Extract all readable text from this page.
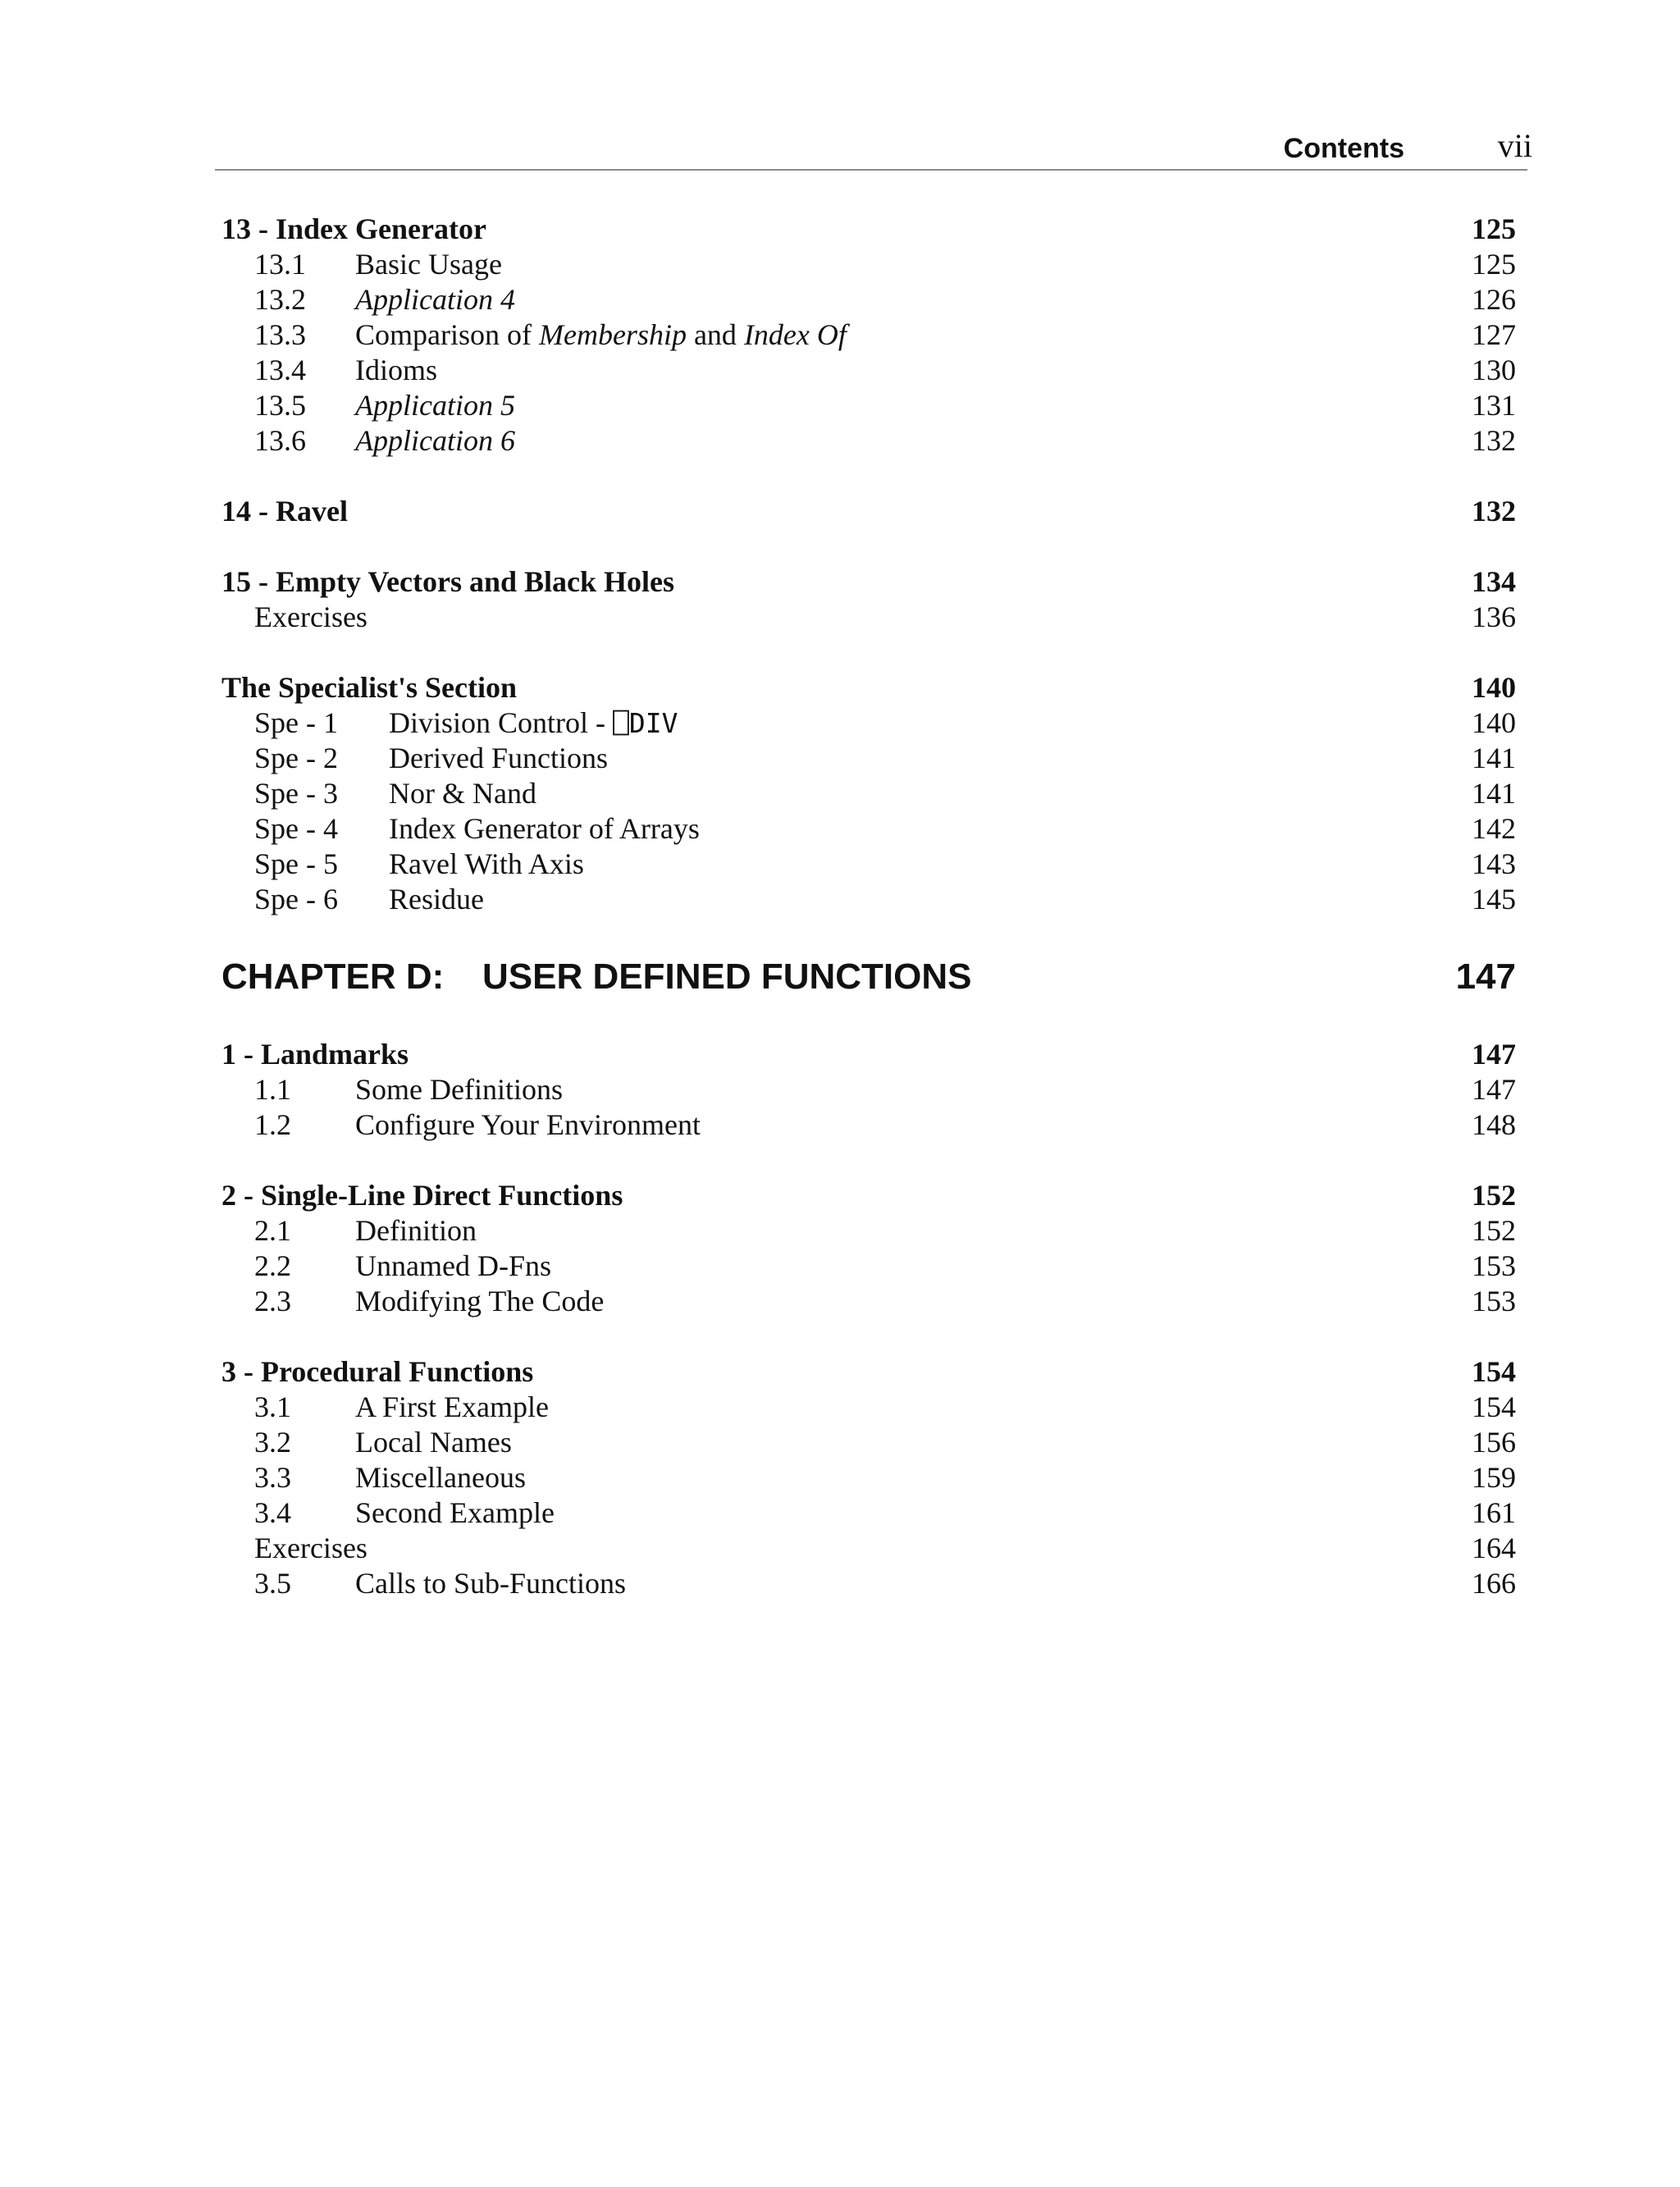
Contents	vii
13 - Index Generator	125
13.1 Basic Usage	125
13.2 Application 4	126
13.3 Comparison of Membership and Index Of	127
13.4 Idioms	130
13.5 Application 5	131
13.6 Application 6	132
14 - Ravel	132
15 - Empty Vectors and Black Holes	134
Exercises	136
The Specialist's Section	140
Spe - 1 Division Control - ⎕DIV	140
Spe - 2 Derived Functions	141
Spe - 3 Nor & Nand	141
Spe - 4 Index Generator of Arrays	142
Spe - 5 Ravel With Axis	143
Spe - 6 Residue	145
CHAPTER D: USER DEFINED FUNCTIONS	147
1 - Landmarks	147
1.1 Some Definitions	147
1.2 Configure Your Environment	148
2 - Single-Line Direct Functions	152
2.1 Definition	152
2.2 Unnamed D-Fns	153
2.3 Modifying The Code	153
3 - Procedural Functions	154
3.1 A First Example	154
3.2 Local Names	156
3.3 Miscellaneous	159
3.4 Second Example	161
Exercises	164
3.5 Calls to Sub-Functions	166
